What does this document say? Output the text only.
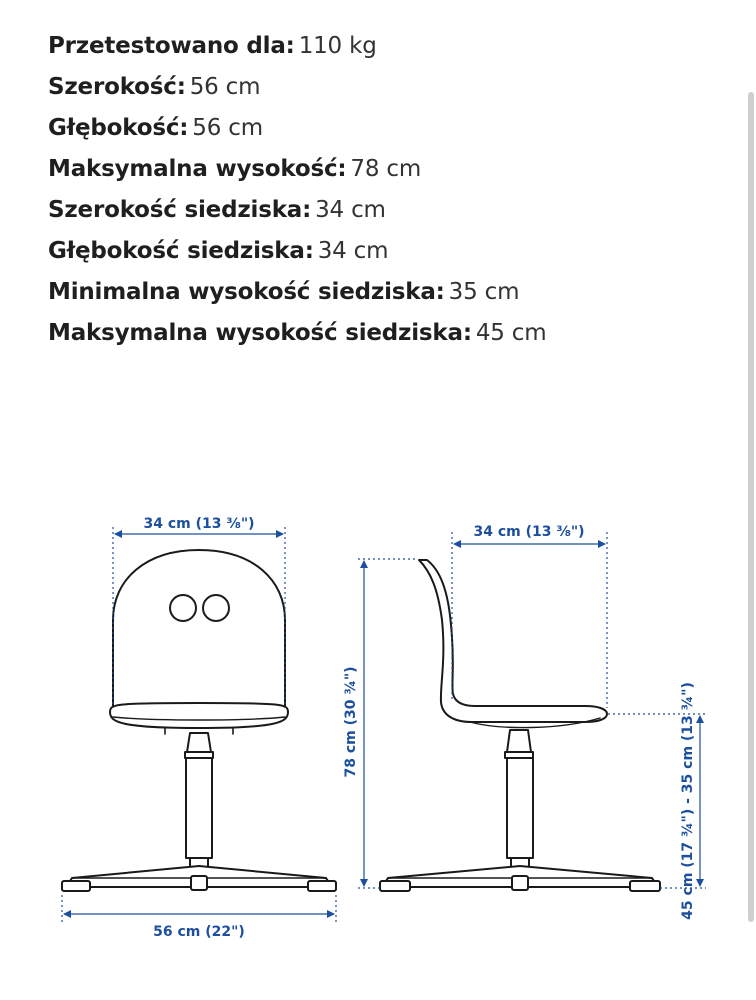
Przetestowano dla: 110 kg
Szerokość: 56 cm
Głębokość: 56 cm
Maksymalna wysokość: 78 cm
Szerokość siedziska: 34 cm
Głębokość siedziska: 34 cm
Minimalna wysokość siedziska: 35 cm
Maksymalna wysokość siedziska: 45 cm
34 cm (13 ⅜")
56 cm (22")
34 cm (13 ⅜")
78 cm (30 ¾")	45 cm (17 ¾") - 35 cm (13 ¾")
